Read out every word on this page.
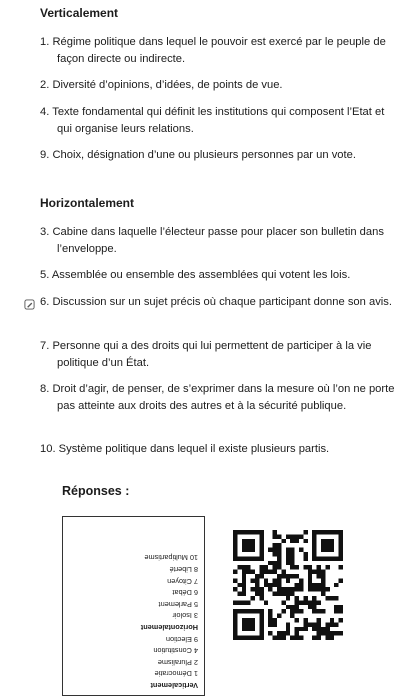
Verticalement
1. Régime politique dans lequel le pouvoir est exercé par le peuple de façon directe ou indirecte.
2. Diversité d’opinions, d’idées, de points de vue.
4. Texte fondamental qui définit les institutions qui composent l’Etat et qui organise leurs relations.
9. Choix, désignation d’une ou plusieurs personnes par un vote.
Horizontalement
3. Cabine dans laquelle l’électeur passe pour placer son bulletin dans l’enveloppe.
5. Assemblée ou ensemble des assemblées qui votent les lois.
6. Discussion sur un sujet précis où chaque participant donne son avis.
7. Personne qui a des droits qui lui permettent de participer à la vie politique d’un État.
8. Droit d’agir, de penser, de s’exprimer dans la mesure où l’on ne porte pas atteinte aux droits des autres et à la sécurité publique.
10. Système politique dans lequel il existe plusieurs partis.
Réponses :
Verticalement
1 Démocratie
2 Pluralisme
4 Constitution
9 Election
Horizontalement
3 Isoloir
5 Parlement
6 Débat
7 Citoyen
8 Liberté
10 Multipartisme
